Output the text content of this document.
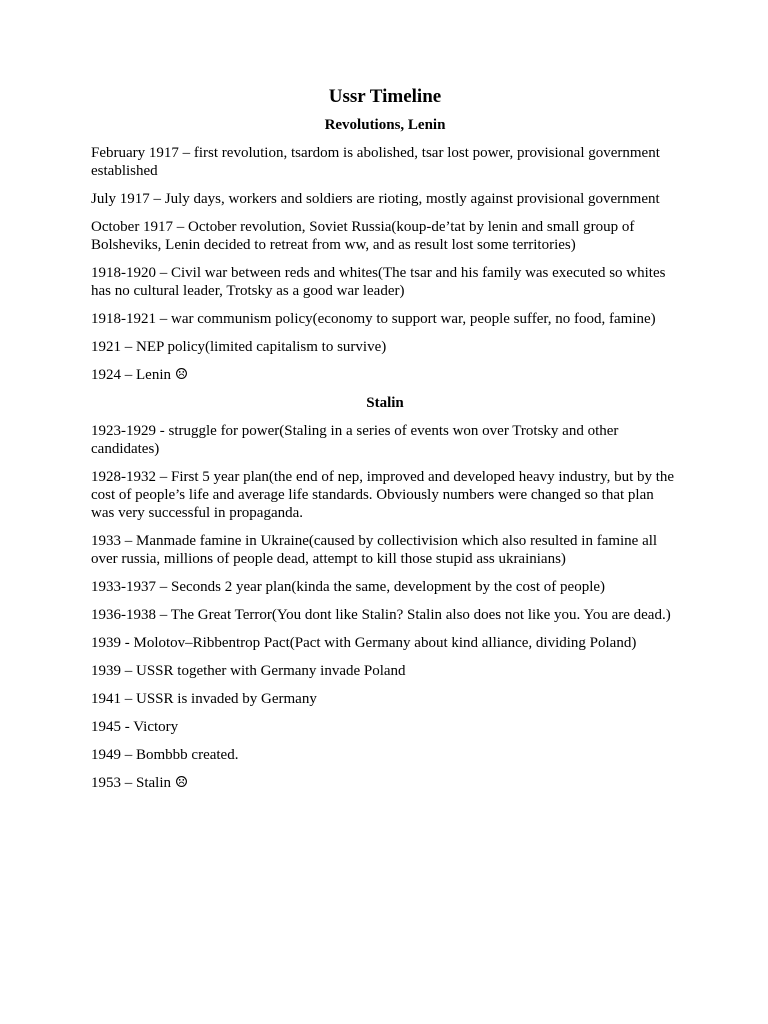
Ussr Timeline
Revolutions, Lenin

February 1917 – first revolution, tsardom is abolished, tsar lost power, provisional government established

July 1917 – July days, workers and soldiers are rioting, mostly against provisional government

October 1917 – October revolution, Soviet Russia(koup-de’tat by lenin and small group of Bolsheviks, Lenin decided to retreat from ww, and as result lost some territories)

1918-1920 – Civil war between reds and whites(The tsar and his family was executed so whites has no cultural leader, Trotsky as a good war leader)

1918-1921 – war communism policy(economy to support war, people suffer, no food, famine)

1921 – NEP policy(limited capitalism to survive)

1924 – Lenin ☹

Stalin

1923-1929 - struggle for power(Staling in a series of events won over Trotsky and other candidates)

1928-1932 – First 5 year plan(the end of nep, improved and developed heavy industry, but by the cost of people’s life and average life standards. Obviously numbers were changed so that plan was very successful in propaganda.

1933 – Manmade famine in Ukraine(caused by collectivision which also resulted in famine all over russia, millions of people dead, attempt to kill those stupid ass ukrainians)

1933-1937 – Seconds 2 year plan(kinda the same, development by the cost of people)

1936-1938 – The Great Terror(You dont like Stalin? Stalin also does not like you. You are dead.)

1939 - Molotov–Ribbentrop Pact(Pact with Germany about kind alliance, dividing Poland)

1939 – USSR together with Germany invade Poland

1941 – USSR is invaded by Germany

1945 - Victory

1949 – Bombbb created.

1953 – Stalin ☹
